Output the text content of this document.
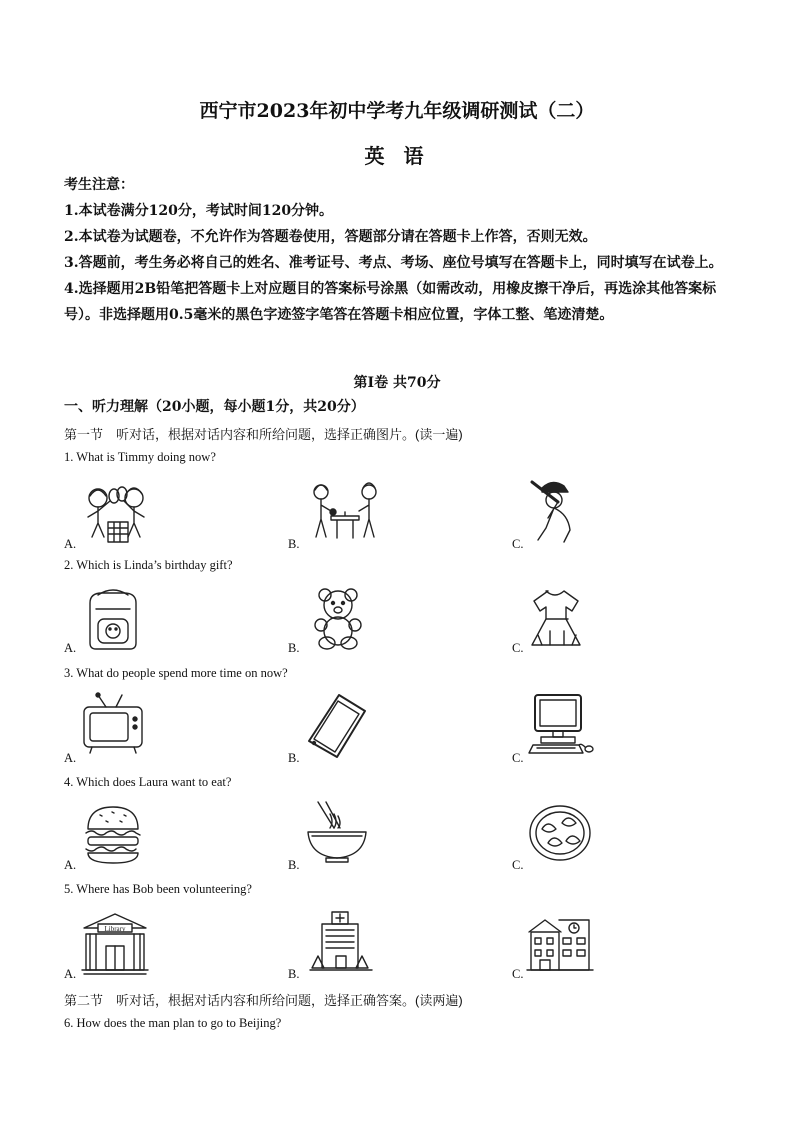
西宁市2023年初中学考九年级调研测试（二）
英 语

考生注意：

1.本试卷满分120分，考试时间120分钟。

2.本试卷为试题卷，不允许作为答题卷使用，答题部分请在答题卡上作答，否则无效。

3.答题前，考生务必将自己的姓名、准考证号、考点、考场、座位号填写在答题卡上，同时填写在试卷上。

4.选择题用2B铅笔把答题卡上对应题目的答案标号涂黑（如需改动，用橡皮擦干净后，再选涂其他答案标号）。非选择题用0.5毫米的黑色字迹签字笔答在答题卡相应位置，字体工整、笔迹清楚。

第Ⅰ卷 共70分
一、听力理解（20小题，每小题1分，共20分）
第一节　听对话，根据对话内容和所给问题，选择正确图片。(读一遍)
1. What is Timmy doing now?
A.	B.	C.
2. Which is Linda’s birthday gift?
A.	B.	C.
3. What do people spend more time on now?
A.	B.	C.
4. Which does Laura want to eat?
A.	B.	C.
5. Where has Bob been volunteering?
Library
A.	B.	C.
第二节　听对话，根据对话内容和所给问题，选择正确答案。(读两遍)
6. How does the man plan to go to Beijing?
